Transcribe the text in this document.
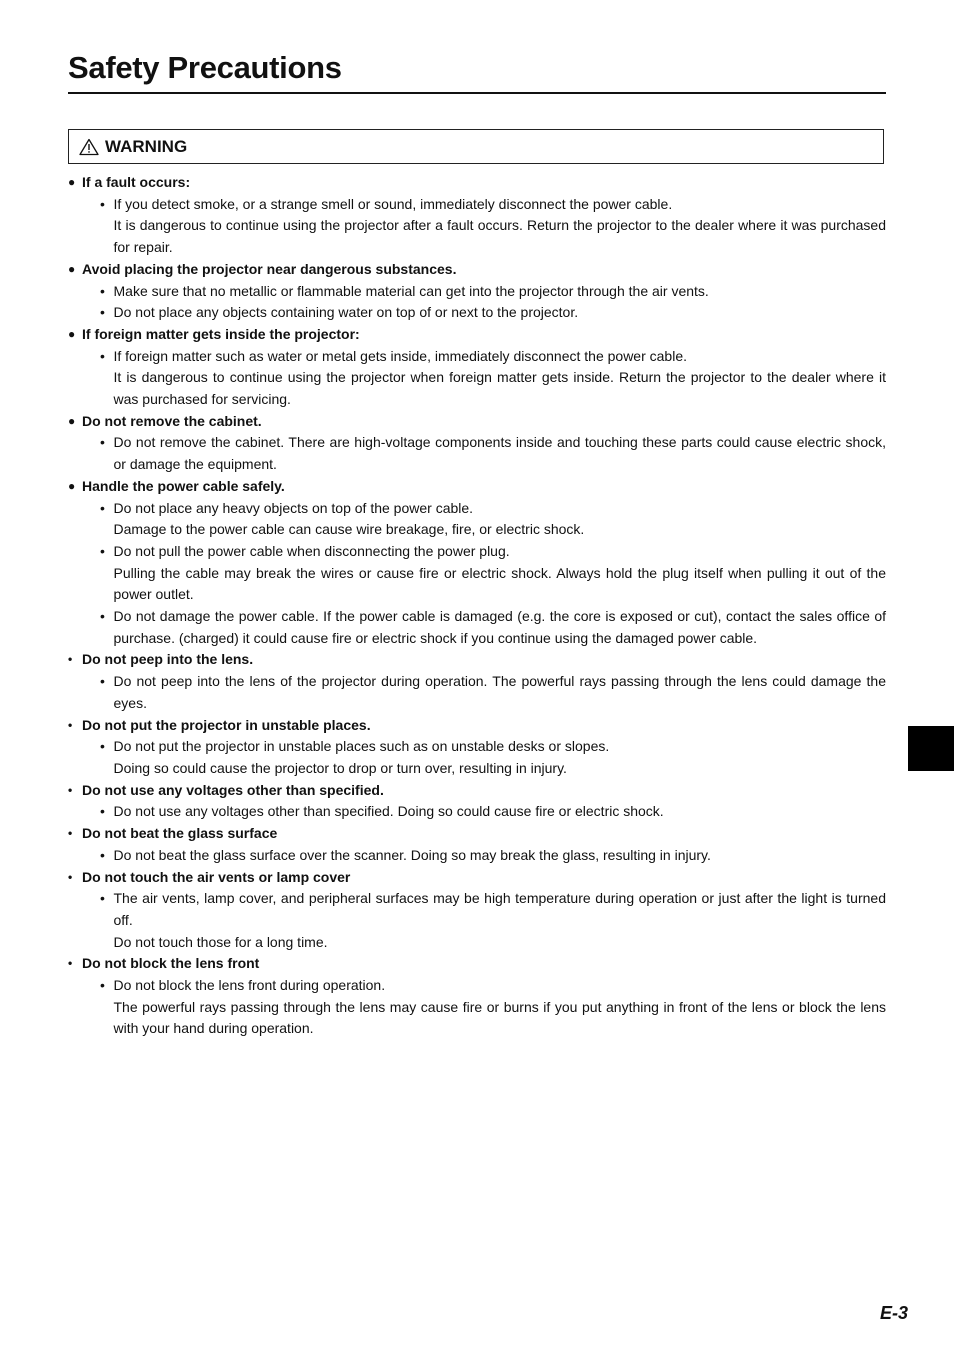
Safety Precautions
WARNING
● If a fault occurs:
• If you detect smoke, or a strange smell or sound, immediately disconnect the power cable.
It is dangerous to continue using the projector after a fault occurs. Return the projector to the dealer where it was purchased for repair.
● Avoid placing the projector near dangerous substances.
• Make sure that no metallic or flammable material can get into the projector through the air vents.
• Do not place any objects containing water on top of or next to the projector.
● If foreign matter gets inside the projector:
• If foreign matter such as water or metal gets inside, immediately disconnect the power cable.
It is dangerous to continue using the projector when foreign matter gets inside. Return the projector to the dealer where it was purchased for servicing.
● Do not remove the cabinet.
• Do not remove the cabinet. There are high-voltage components inside and touching these parts could cause electric shock, or damage the equipment.
● Handle the power cable safely.
• Do not place any heavy objects on top of the power cable.
Damage to the power cable can cause wire breakage, fire, or electric shock.
• Do not pull the power cable when disconnecting the power plug.
Pulling the cable may break the wires or cause fire or electric shock. Always hold the plug itself when pulling it out of the power outlet.
• Do not damage the power cable. If the power cable is damaged (e.g. the core is exposed or cut), contact the sales office of purchase. (charged) it could cause fire or electric shock if you continue using the damaged power cable.
• Do not peep into the lens.
• Do not peep into the lens of the projector during operation. The powerful rays passing through the lens could damage the eyes.
• Do not put the projector in unstable places.
• Do not put the projector in unstable places such as on unstable desks or slopes.
Doing so could cause the projector to drop or turn over, resulting in injury.
• Do not use any voltages other than specified.
• Do not use any voltages other than specified. Doing so could cause fire or electric shock.
• Do not beat the glass surface
• Do not beat the glass surface over the scanner. Doing so may break the glass, resulting in injury.
• Do not touch the air vents or lamp cover
• The air vents, lamp cover, and peripheral surfaces may be high temperature during operation or just after the light is turned off.
Do not touch those for a long time.
• Do not block the lens front
• Do not block the lens front during operation.
The powerful rays passing through the lens may cause fire or burns if you put anything in front of the lens or block the lens with your hand during operation.
E-3
